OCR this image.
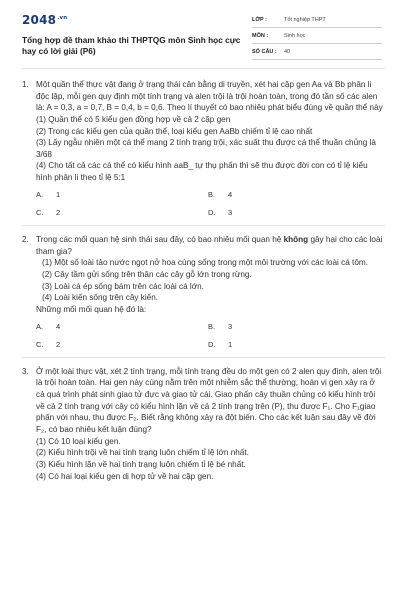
$2048^{.vn}$
Tổng hợp đề tham khảo thi THPTQG môn Sinh học cực hay có lời giải (P6)
LỚP :	Tốt nghiệp THPT
MÔN :	Sinh học
SỐ CÂU :	40
1. Một quần thể thực vật đang ở trạng thái cân bằng di truyền, xét hai cặp gen Aa và Bb phân li độc lập, mỗi gen quy định một tính trạng và alen trội là trội hoàn toàn, trong đó tần số các alen là: A = 0,3, a = 0,7, B = 0,4, b = 0,6. Theo lí thuyết có bao nhiêu phát biểu đúng về quần thể này
(1) Quần thể có 5 kiểu gen đồng hợp về cả 2 cặp gen
(2) Trong các kiểu gen của quần thể, loại kiểu gen AaBb chiếm tỉ lệ cao nhất
(3) Lấy ngẫu nhiên một cá thể mang 2 tính trạng trội, xác suất thu được cá thể thuần chủng là 3/68
(4) Cho tất cả các cá thể có kiểu hình aaB_ tự thụ phấn thì sẽ thu được đời con có tỉ lệ kiểu hình phân li theo tỉ lệ 5:1
A.	1	B.	4
C.	2	D.	3
2. Trong các mối quan hệ sinh thái sau đây, có bao nhiêu mối quan hệ không gây hại cho các loài tham gia?
(1) Một số loài tảo nước ngọt nở hoa cùng sống trong một môi trường với các loài cá tôm.
(2) Cây tầm gửi sống trên thân các cây gỗ lớn trong rừng.
(3) Loài cá ép sống bám trên các loài cá lớn.
(4) Loài kiến sống trên cây kiến.
Những mối mối quan hệ đó là:
A.	4	B.	3
C.	2	D.	1
3. Ở một loài thực vật, xét 2 tính trạng, mỗi tính trạng đều do một gen có 2 alen quy định, alen trội là trội hoàn toàn. Hai gen này cùng nằm trên một nhiễm sắc thể thường, hoán vị gen xảy ra ở cả quá trình phát sinh giao tử đực và giao tử cái. Giao phấn cây thuần chủng có kiểu hình trội về cả 2 tính trạng với cây có kiểu hình lặn về cả 2 tính trạng trên (P), thu được F₁. Cho F₁giao phấn với nhau, thu được F₂. Biết rằng không xảy ra đột biến. Cho các kết luận sau đây về đời F₂, có bao nhiêu kết luận đúng?
(1) Có 10 loại kiểu gen.
(2) Kiểu hình trội về hai tính trạng luôn chiếm tỉ lệ lớn nhất.
(3) Kiểu hình lặn về hai tính trạng luôn chiếm tỉ lệ bé nhất.
(4) Có hai loại kiểu gen dị hợp tử về hai cặp gen.
